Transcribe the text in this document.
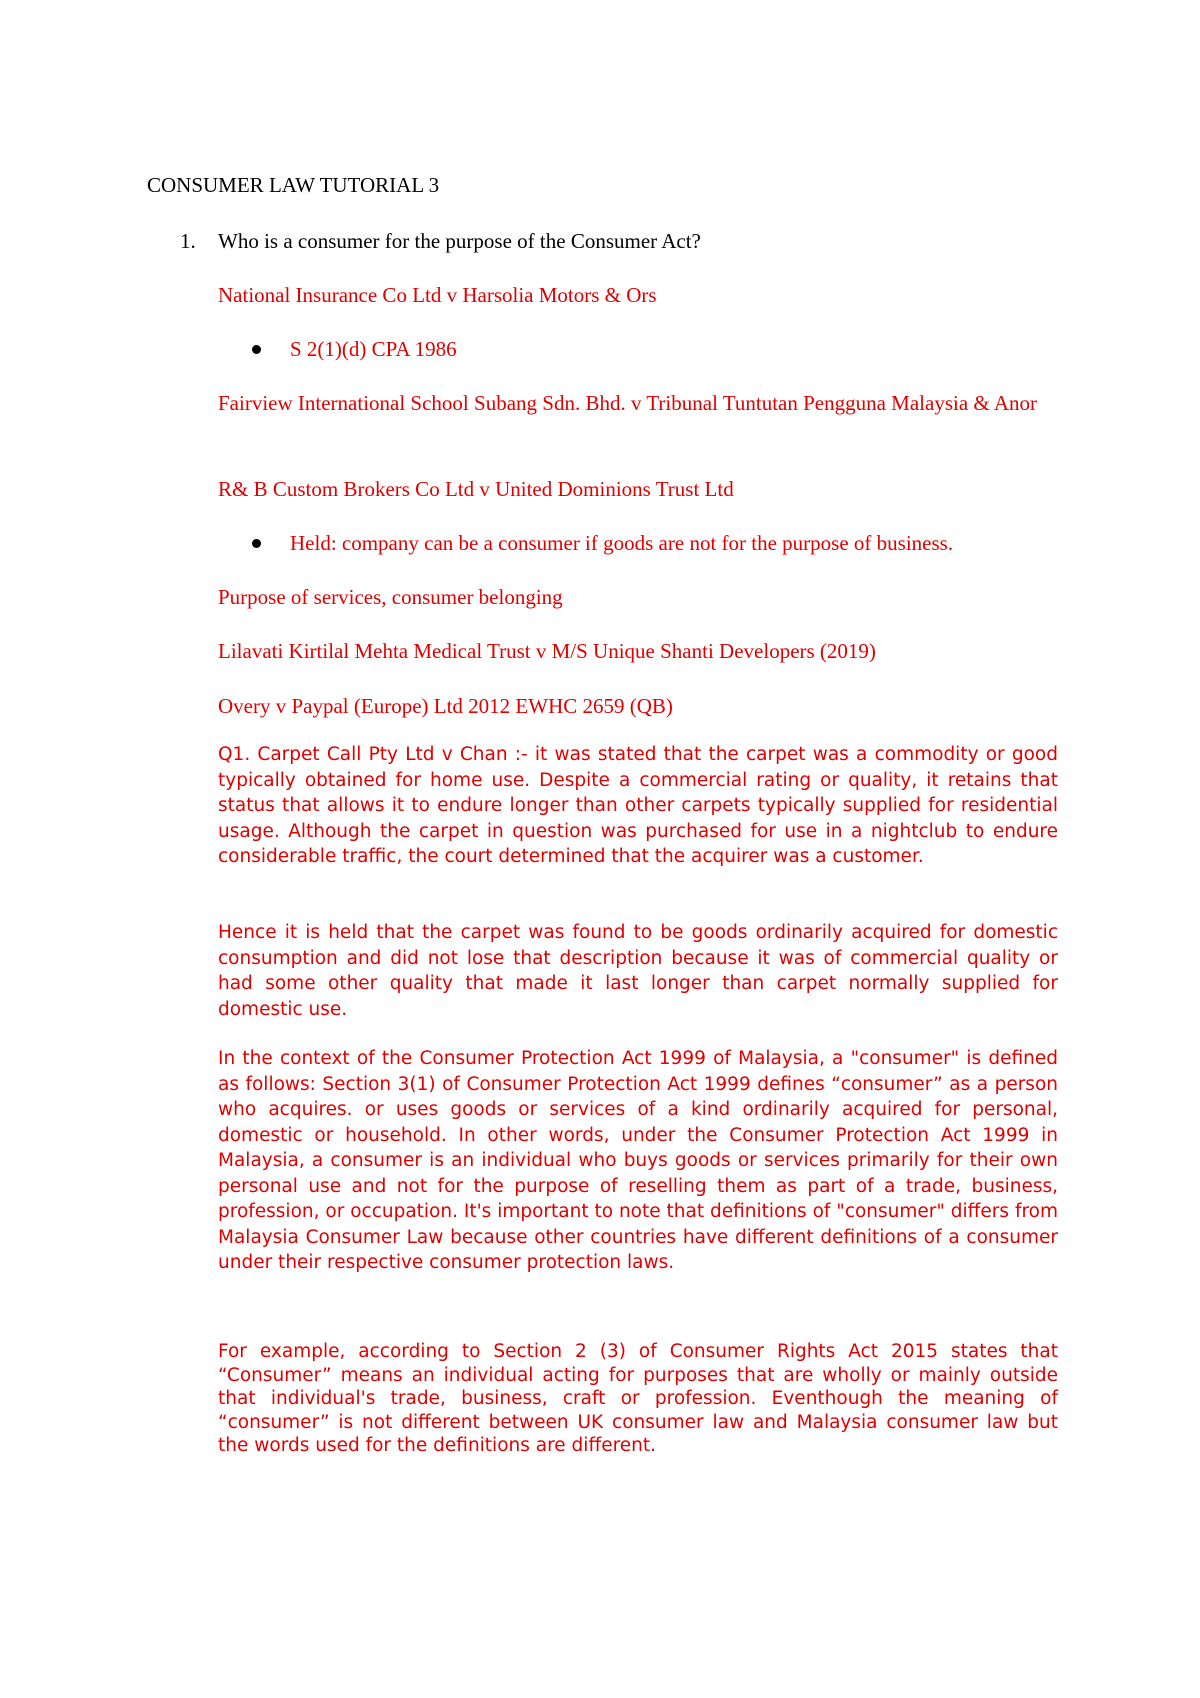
CONSUMER LAW TUTORIAL 3

1. Who is a consumer for the purpose of the Consumer Act?

National Insurance Co Ltd v Harsolia Motors & Ors

S 2(1)(d) CPA 1986

Fairview International School Subang Sdn. Bhd. v Tribunal Tuntutan Pengguna Malaysia & Anor

R& B Custom Brokers Co Ltd v United Dominions Trust Ltd

Held: company can be a consumer if goods are not for the purpose of business.

Purpose of services, consumer belonging

Lilavati Kirtilal Mehta Medical Trust v M/S Unique Shanti Developers (2019)

Overy v Paypal (Europe) Ltd 2012 EWHC 2659 (QB)

Q1. Carpet Call Pty Ltd v Chan :- it was stated that the carpet was a commodity or good typically obtained for home use. Despite a commercial rating or quality, it retains that status that allows it to endure longer than other carpets typically supplied for residential usage. Although the carpet in question was purchased for use in a nightclub to endure considerable traffic, the court determined that the acquirer was a customer.

Hence it is held that the carpet was found to be goods ordinarily acquired for domestic consumption and did not lose that description because it was of commercial quality or had some other quality that made it last longer than carpet normally supplied for domestic use.

In the context of the Consumer Protection Act 1999 of Malaysia, a "consumer" is defined as follows: Section 3(1) of Consumer Protection Act 1999 defines “consumer” as a person who acquires. or uses goods or services of a kind ordinarily acquired for personal, domestic or household. In other words, under the Consumer Protection Act 1999 in Malaysia, a consumer is an individual who buys goods or services primarily for their own personal use and not for the purpose of reselling them as part of a trade, business, profession, or occupation. It's important to note that definitions of "consumer" differs from Malaysia Consumer Law because other countries have different definitions of a consumer under their respective consumer protection laws.

For example, according to Section 2 (3) of Consumer Rights Act 2015 states that “Consumer” means an individual acting for purposes that are wholly or mainly outside that individual's trade, business, craft or profession. Eventhough the meaning of “consumer” is not different between UK consumer law and Malaysia consumer law but the words used for the definitions are different.
